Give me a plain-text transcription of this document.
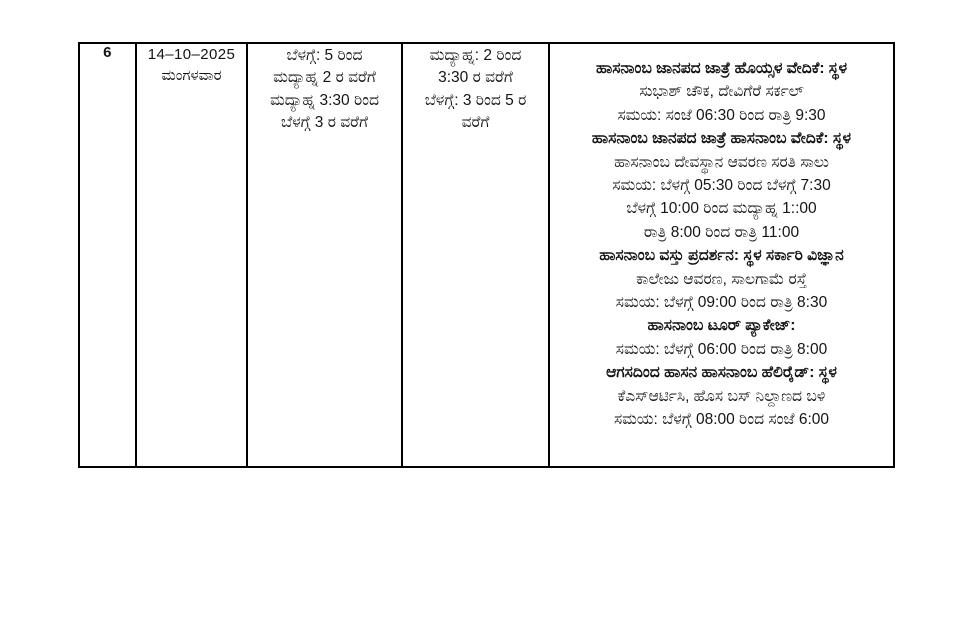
6	14–10–2025
ಮಂಗಳವಾರ
ಬೆಳಗ್ಗೆ: 5 ರಿಂದ
ಮದ್ಯಾಹ್ನ 2 ರ ವರೆಗೆ
ಮದ್ಯಾಹ್ನ 3:30 ರಿಂದ
ಬೆಳಗ್ಗೆ 3 ರ ವರೆಗೆ
ಮದ್ಯಾಹ್ನ: 2 ರಿಂದ
3:30 ರ ವರೆಗೆ
ಬೆಳಗ್ಗೆ: 3 ರಿಂದ 5 ರ
ವರೆಗೆ
ಹಾಸನಾಂಬ ಜಾನಪದ ಜಾತ್ರೆ ಹೊಯ್ಸಳ ವೇದಿಕೆ: ಸ್ಥಳ
ಸುಭಾಶ್ ಚೌಕ, ದೇವಿಗೆರೆ ಸರ್ಕಲ್
ಸಮಯ: ಸಂಜೆ 06:30 ರಿಂದ ರಾತ್ರಿ 9:30
ಹಾಸನಾಂಬ ಜಾನಪದ ಜಾತ್ರೆ ಹಾಸನಾಂಬ ವೇದಿಕೆ: ಸ್ಥಳ
ಹಾಸನಾಂಬ ದೇವಸ್ಥಾನ ಆವರಣ ಸರತಿ ಸಾಲು
ಸಮಯ: ಬೆಳಗ್ಗೆ 05:30 ರಿಂದ ಬೆಳಗ್ಗೆ 7:30
ಬೆಳಗ್ಗೆ 10:00 ರಿಂದ ಮದ್ಯಾಹ್ನ 1::00
ರಾತ್ರಿ 8:00 ರಿಂದ ರಾತ್ರಿ 11:00
ಹಾಸನಾಂಬ ವಸ್ತು ಪ್ರದರ್ಶನ: ಸ್ಥಳ ಸರ್ಕಾರಿ ವಿಜ್ಞಾನ
ಕಾಲೇಜು ಆವರಣ, ಸಾಲಗಾಮೆ ರಸ್ತೆ
ಸಮಯ: ಬೆಳಗ್ಗೆ 09:00 ರಿಂದ ರಾತ್ರಿ 8:30
ಹಾಸನಾಂಬ ಟೂರ್ ಪ್ಯಾಕೇಜ್:
ಸಮಯ: ಬೆಳಗ್ಗೆ 06:00 ರಿಂದ ರಾತ್ರಿ 8:00
ಆಗಸದಿಂದ ಹಾಸನ ಹಾಸನಾಂಬ ಹೆಲಿರೈಡ್: ಸ್ಥಳ
ಕೆಎಸ್ಆರ್ಟಿಸಿ, ಹೊಸ ಬಸ್ ನಿಲ್ದಾಣದ ಬಳಿ
ಸಮಯ: ಬೆಳಗ್ಗೆ 08:00 ರಿಂದ ಸಂಜೆ 6:00
